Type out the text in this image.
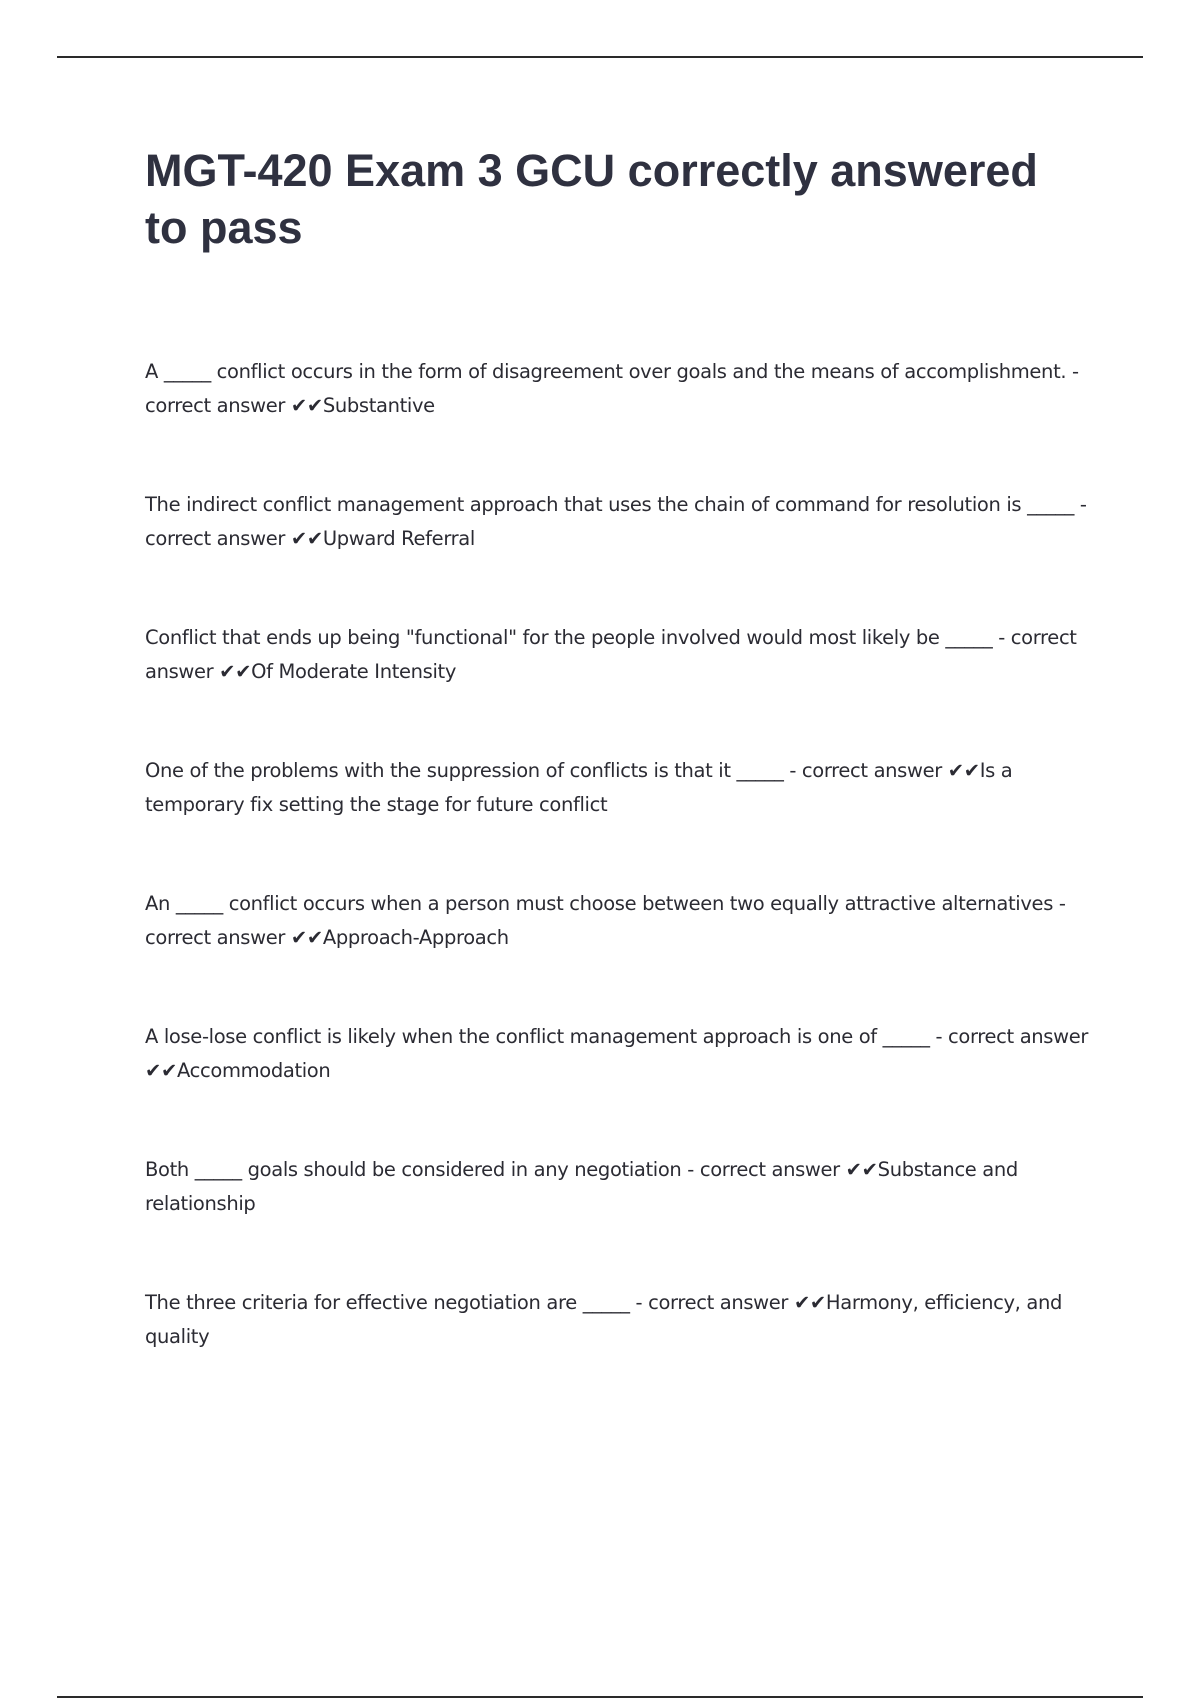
MGT-420 Exam 3 GCU correctly answered to pass
A _____ conflict occurs in the form of disagreement over goals and the means of accomplishment. - correct answer ✔✔Substantive
The indirect conflict management approach that uses the chain of command for resolution is _____ - correct answer ✔✔Upward Referral
Conflict that ends up being "functional" for the people involved would most likely be _____ - correct answer ✔✔Of Moderate Intensity
One of the problems with the suppression of conflicts is that it _____ - correct answer ✔✔Is a temporary fix setting the stage for future conflict
An _____ conflict occurs when a person must choose between two equally attractive alternatives - correct answer ✔✔Approach-Approach
A lose-lose conflict is likely when the conflict management approach is one of _____ - correct answer ✔✔Accommodation
Both _____ goals should be considered in any negotiation - correct answer ✔✔Substance and relationship
The three criteria for effective negotiation are _____ - correct answer ✔✔Harmony, efficiency, and quality
